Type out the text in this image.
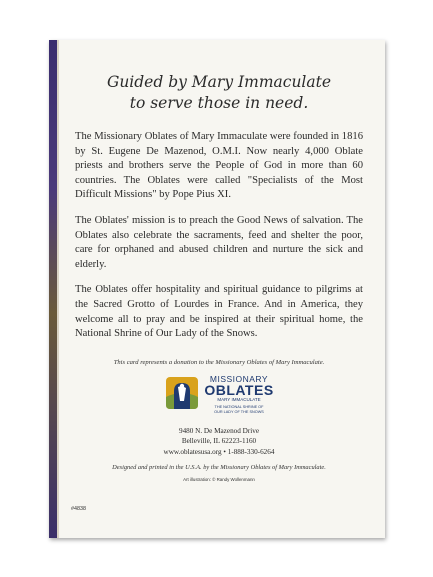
Guided by Mary Immaculate
to serve those in need.

The Missionary Oblates of Mary Immaculate were founded in 1816 by St. Eugene De Mazenod, O.M.I. Now nearly 4,000 Oblate priests and brothers serve the People of God in more than 60 countries. The Oblates were called "Specialists of the Most Difficult Missions" by Pope Pius XI.

The Oblates' mission is to preach the Good News of salvation. The Oblates also celebrate the sacraments, feed and shelter the poor, care for orphaned and abused children and nurture the sick and elderly.

The Oblates offer hospitality and spiritual guidance to pilgrims at the Sacred Grotto of Lourdes in France. And in America, they welcome all to pray and be inspired at their spiritual home, the National Shrine of Our Lady of the Snows.

This card represents a donation to the Missionary Oblates of Mary Immaculate.
MISSIONARY
OBLATES
MARY IMMACULATE
THE NATIONAL SHRINE OF
OUR LADY OF THE SNOWS
9480 N. De Mazenod Drive
Belleville, IL 62223-1160
www.oblatesusa.org • 1-888-330-6264
Designed and printed in the U.S.A. by the Missionary Oblates of Mary Immaculate.
Art illustration: © Randy Wollenmann
#4838
